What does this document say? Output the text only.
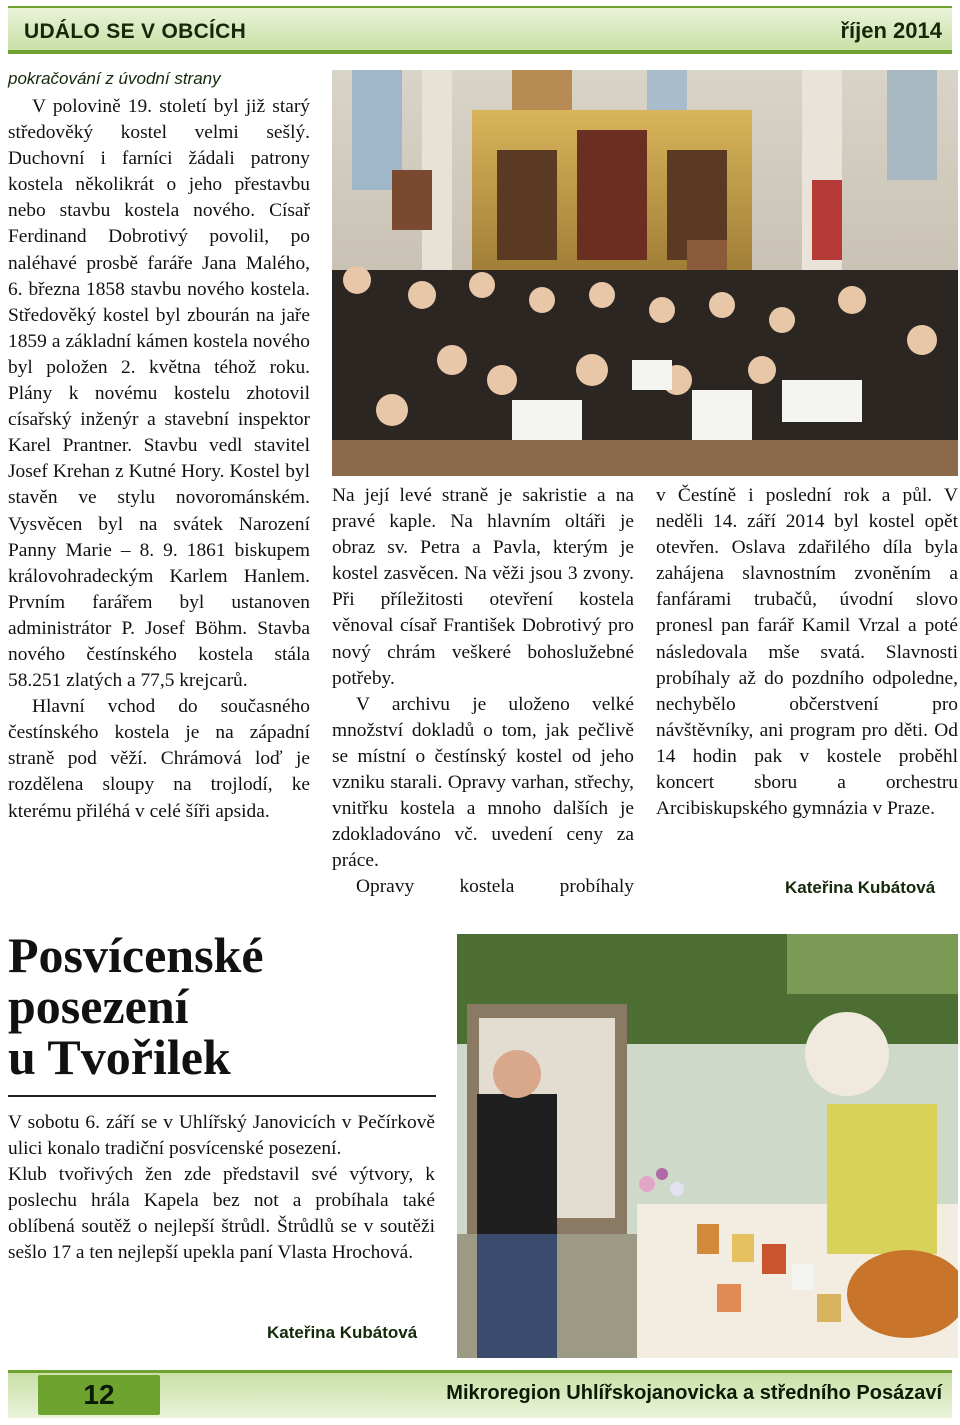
UDÁLO SE V OBCÍCH	říjen 2014
pokračování z úvodní strany

V polovině 19. století byl již starý středověký kostel velmi sešlý. Duchovní i farníci žádali patrony kostela několikrát o jeho přestavbu nebo stavbu kostela nového. Císař Ferdinand Dobrotivý povolil, po naléhavé prosbě faráře Jana Malého, 6. března 1858 stavbu nového kostela. Středověký kostel byl zbourán na jaře 1859 a základní kámen kostela nového byl položen 2. května téhož roku. Plány k novému kostelu zhotovil císařský inženýr a stavební inspektor Karel Prantner. Stavbu vedl stavitel Josef Krehan z Kutné Hory. Kostel byl stavěn ve stylu novorománském. Vysvěcen byl na svátek Narození Panny Marie – 8. 9. 1861 biskupem královohradeckým Karlem Hanlem. Prvním farářem byl ustanoven administrátor P. Josef Böhm. Stavba nového čestínského kostela stála 58.251 zlatých a 77,5 krejcarů.

Hlavní vchod do současného čestínského kostela je na západní straně pod věží. Chrámová loď je rozdělena sloupy na trojlodí, ke kterému přiléhá v celé šíři apsida.

Na její levé straně je sakristie a na pravé kaple. Na hlavním oltáři je obraz sv. Petra a Pavla, kterým je kostel zasvěcen. Na věži jsou 3 zvony. Při příležitosti otevření kostela věnoval císař František Dobrotivý pro nový chrám veškeré bohoslužebné potřeby.

V archivu je uloženo velké množství dokladů o tom, jak pečlivě se místní o čestínský kostel od jeho vzniku starali. Opravy varhan, střechy, vnitřku kostela a mnoho dalších je zdokladováno vč. uvedení ceny za práce.

Opravy kostela probíhaly

v Čestíně i poslední rok a půl. V neděli 14. září 2014 byl kostel opět otevřen. Oslava zdařilého díla byla zahájena slavnostním zvoněním a fanfárami trubačů, úvodní slovo pronesl pan farář Kamil Vrzal a poté následovala mše svatá. Slavnosti probíhaly až do pozdního odpoledne, nechybělo občerstvení pro návštěvníky, ani program pro děti. Od 14 hodin pak v kostele proběhl koncert sboru a orchestru Arcibiskupského gymnázia v Praze.

Kateřina Kubátová
Posvícenské
posezení
u Tvořilek

V sobotu 6. září se v Uhlířský Janovicích v Pečírkově ulici konalo tradiční posvícenské posezení.

Klub tvořivých žen zde představil své výtvory, k poslechu hrála Kapela bez not a probíhala také oblíbená soutěž o nejlepší štrůdl. Štrůdlů se v soutěži sešlo 17 a ten nejlepší upekla paní Vlasta Hrochová.

Kateřina Kubátová
12	Mikroregion Uhlířskojanovicka a středního Posázaví
